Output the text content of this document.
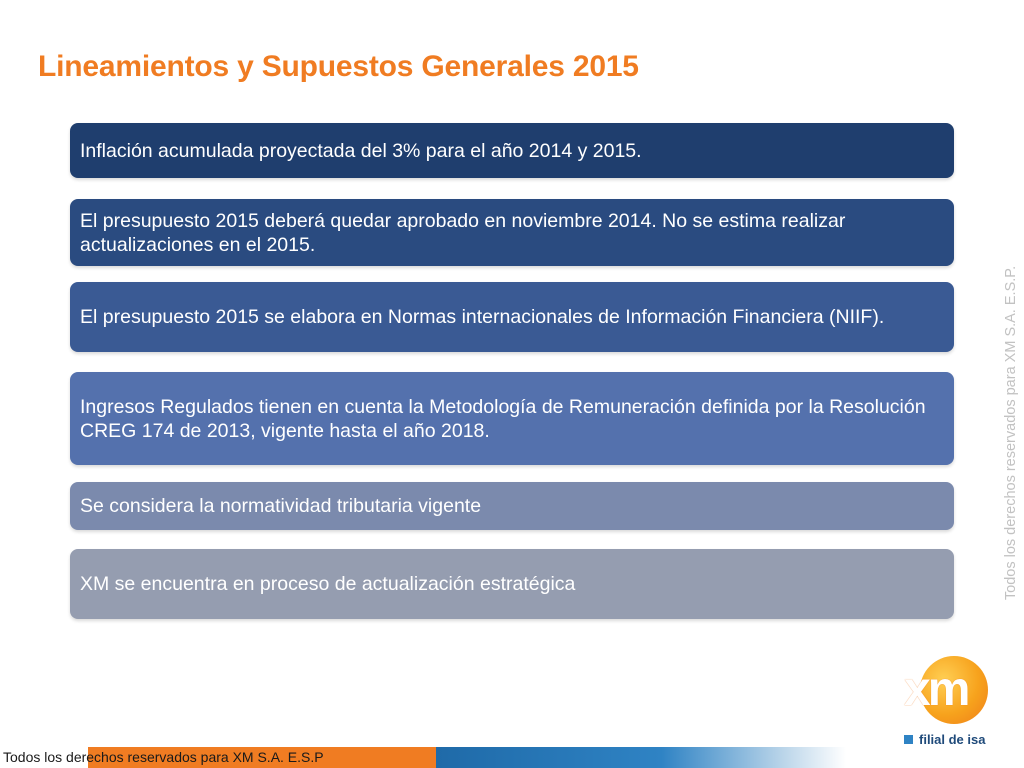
Lineamientos y Supuestos Generales 2015
Inflación acumulada proyectada del 3% para el año 2014 y 2015.
El presupuesto 2015 deberá quedar aprobado en noviembre 2014. No se estima realizar actualizaciones en el 2015.
El presupuesto 2015 se elabora en Normas internacionales de Información Financiera (NIIF).
Ingresos Regulados tienen en cuenta la Metodología de Remuneración definida por la Resolución CREG 174 de 2013, vigente hasta el año 2018.
Se considera la normatividad tributaria vigente
XM se encuentra en proceso de actualización estratégica	Todos los derechos reservados para XM S.A. E.S.P.
xm
filial de isa
Todos los derechos reservados para XM S.A. E.S.P
